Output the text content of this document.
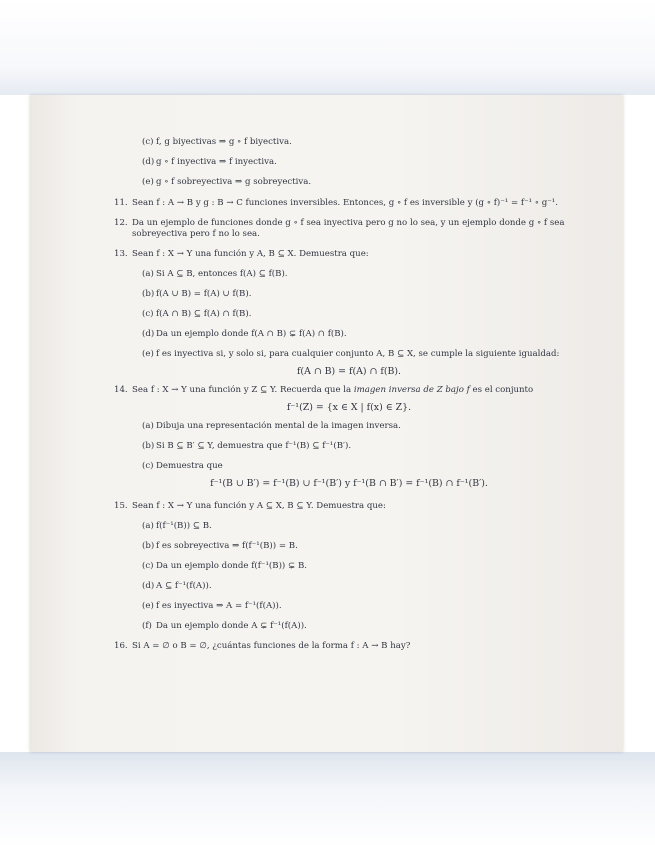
(c) f, g biyectivas ⇒ g ∘ f biyectiva.
(d) g ∘ f inyectiva ⇒ f inyectiva.
(e) g ∘ f sobreyectiva ⇒ g sobreyectiva.
11. Sean f : A → B y g : B → C funciones inversibles. Entonces, g ∘ f es inversible y (g ∘ f)⁻¹ = f⁻¹ ∘ g⁻¹.
12. Da un ejemplo de funciones donde g ∘ f sea inyectiva pero g no lo sea, y un ejemplo donde g ∘ f sea sobreyectiva pero f no lo sea.
13. Sean f : X → Y una función y A, B ⊆ X. Demuestra que:
(a) Si A ⊆ B, entonces f(A) ⊆ f(B).
(b) f(A ∪ B) = f(A) ∪ f(B).
(c) f(A ∩ B) ⊆ f(A) ∩ f(B).
(d) Da un ejemplo donde f(A ∩ B) ⊊ f(A) ∩ f(B).
(e) f es inyectiva si, y solo si, para cualquier conjunto A, B ⊆ X, se cumple la siguiente igualdad:
f(A ∩ B) = f(A) ∩ f(B).
14. Sea f : X → Y una función y Z ⊆ Y. Recuerda que la imagen inversa de Z bajo f es el conjunto
f⁻¹(Z) = {x ∈ X | f(x) ∈ Z}.
(a) Dibuja una representación mental de la imagen inversa.
(b) Si B ⊆ B′ ⊆ Y, demuestra que f⁻¹(B) ⊆ f⁻¹(B′).
(c) Demuestra que
f⁻¹(B ∪ B′) = f⁻¹(B) ∪ f⁻¹(B′) y f⁻¹(B ∩ B′) = f⁻¹(B) ∩ f⁻¹(B′).
15. Sean f : X → Y una función y A ⊆ X, B ⊆ Y. Demuestra que:
(a) f(f⁻¹(B)) ⊆ B.
(b) f es sobreyectiva ⇒ f(f⁻¹(B)) = B.
(c) Da un ejemplo donde f(f⁻¹(B)) ⊊ B.
(d) A ⊆ f⁻¹(f(A)).
(e) f es inyectiva ⇒ A = f⁻¹(f(A)).
(f) Da un ejemplo donde A ⊊ f⁻¹(f(A)).
16. Si A = ∅ o B = ∅, ¿cuántas funciones de la forma f : A → B hay?
